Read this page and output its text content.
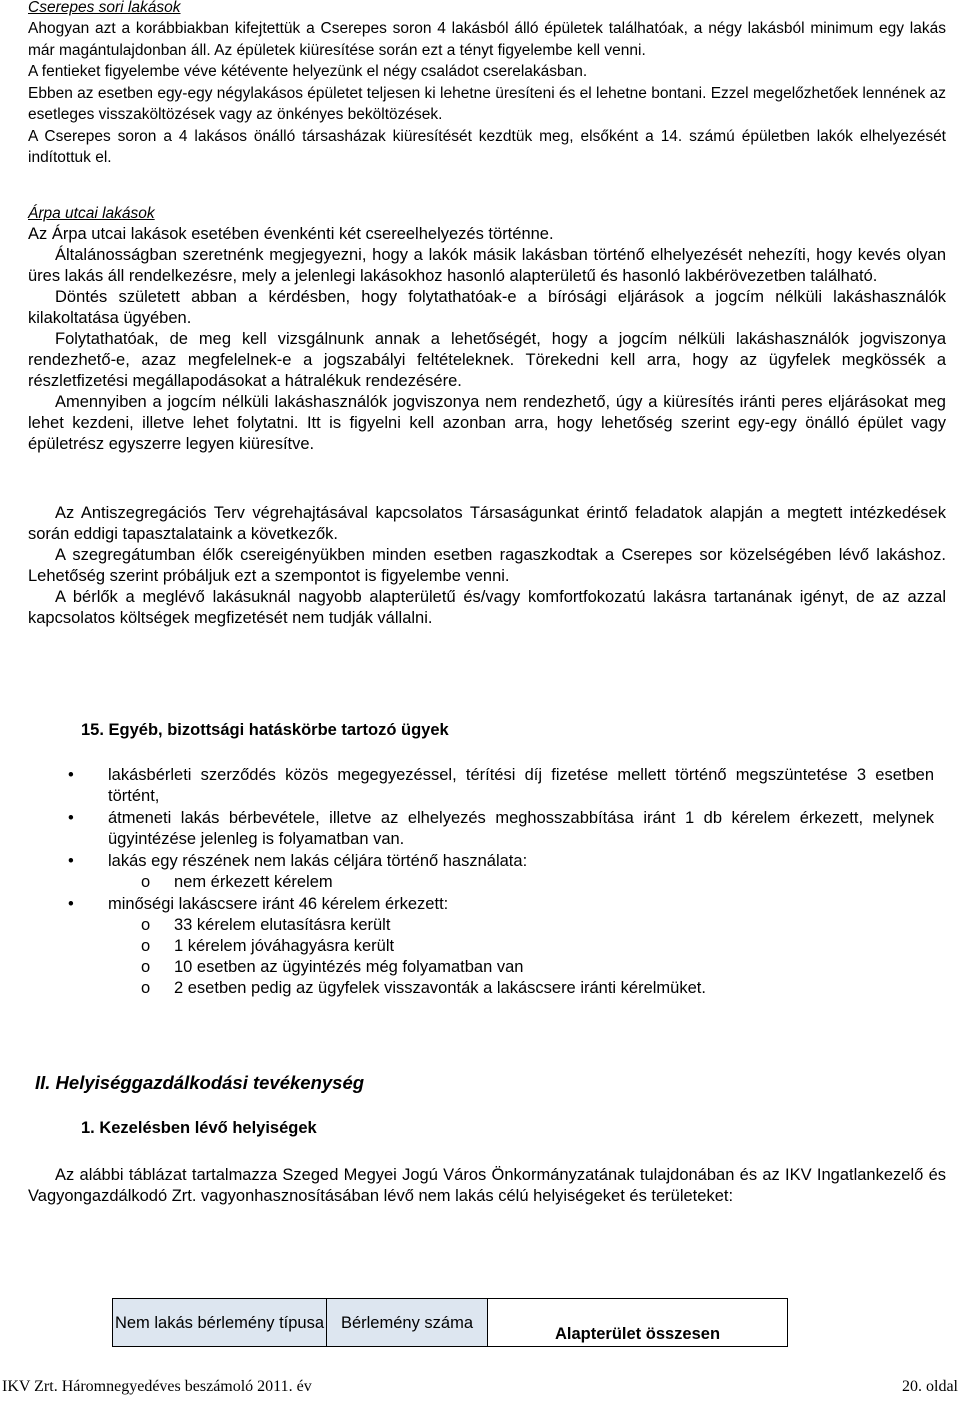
Cserepes sori lakások

Ahogyan azt a korábbiakban kifejtettük a Cserepes soron 4 lakásból álló épületek találhatóak, a négy lakásból minimum egy lakás már magántulajdonban áll. Az épületek kiüresítése során ezt a tényt figyelembe kell venni.

A fentieket figyelembe véve kétévente helyezünk el négy családot cserelakásban.

Ebben az esetben egy-egy négylakásos épületet teljesen ki lehetne üresíteni és el lehetne bontani. Ezzel megelőzhetőek lennének az esetleges visszaköltözések vagy az önkényes beköltözések.

A Cserepes soron a 4 lakásos önálló társasházak kiüresítését kezdtük meg, elsőként a 14. számú épületben lakók elhelyezését indítottuk el.

Árpa utcai lakások

Az Árpa utcai lakások esetében évenkénti két csereelhelyezés történne.

Általánosságban szeretnénk megjegyezni, hogy a lakók másik lakásban történő elhelyezését nehezíti, hogy kevés olyan üres lakás áll rendelkezésre, mely a jelenlegi lakásokhoz hasonló alapterületű és hasonló lakbérövezetben található.

Döntés született abban a kérdésben, hogy folytathatóak-e a bírósági eljárások a jogcím nélküli lakáshasználók kilakoltatása ügyében.

Folytathatóak, de meg kell vizsgálnunk annak a lehetőségét, hogy a jogcím nélküli lakáshasználók jogviszonya rendezhető-e, azaz megfelelnek-e a jogszabályi feltételeknek. Törekedni kell arra, hogy az ügyfelek megkössék a részletfizetési megállapodásokat a hátralékuk rendezésére.

Amennyiben a jogcím nélküli lakáshasználók jogviszonya nem rendezhető, úgy a kiüresítés iránti peres eljárásokat meg lehet kezdeni, illetve lehet folytatni. Itt is figyelni kell azonban arra, hogy lehetőség szerint egy-egy önálló épület vagy épületrész egyszerre legyen kiüresítve.

Az Antiszegregációs Terv végrehajtásával kapcsolatos Társaságunkat érintő feladatok alapján a megtett intézkedések során eddigi tapasztalataink a következők.

A szegregátumban élők csereigényükben minden esetben ragaszkodtak a Cserepes sor közelségében lévő lakáshoz. Lehetőség szerint próbáljuk ezt a szempontot is figyelembe venni.

A bérlők a meglévő lakásuknál nagyobb alapterületű és/vagy komfortfokozatú lakásra tartanának igényt, de az azzal kapcsolatos költségek megfizetését nem tudják vállalni.

15. Egyéb, bizottsági hatáskörbe tartozó ügyek
• lakásbérleti szerződés közös megegyezéssel, térítési díj fizetése mellett történő megszüntetése 3 esetben történt,
• átmeneti lakás bérbevétele, illetve az elhelyezés meghosszabbítása iránt 1 db kérelem érkezett, melynek ügyintézése jelenleg is folyamatban van.
• lakás egy részének nem lakás céljára történő használata:
o nem érkezett kérelem
• minőségi lakáscsere iránt 46 kérelem érkezett:
o 33 kérelem elutasításra került
o 1 kérelem jóváhagyásra került
o 10 esetben az ügyintézés még folyamatban van
o 2 esetben pedig az ügyfelek visszavonták a lakáscsere iránti kérelmüket.
II. Helyiséggazdálkodási tevékenység
1. Kezelésben lévő helyiségek

Az alábbi táblázat tartalmazza Szeged Megyei Jogú Város Önkormányzatának tulajdonában és az IKV Ingatlankezelő és Vagyongazdálkodó Zrt. vagyonhasznosításában lévő nem lakás célú helyiségeket és területeket:

Nem lakás bérlemény típusa	Bérlemény száma	Alapterület összesen
IKV Zrt. Háromnegyedéves beszámoló 2011. év	20. oldal
